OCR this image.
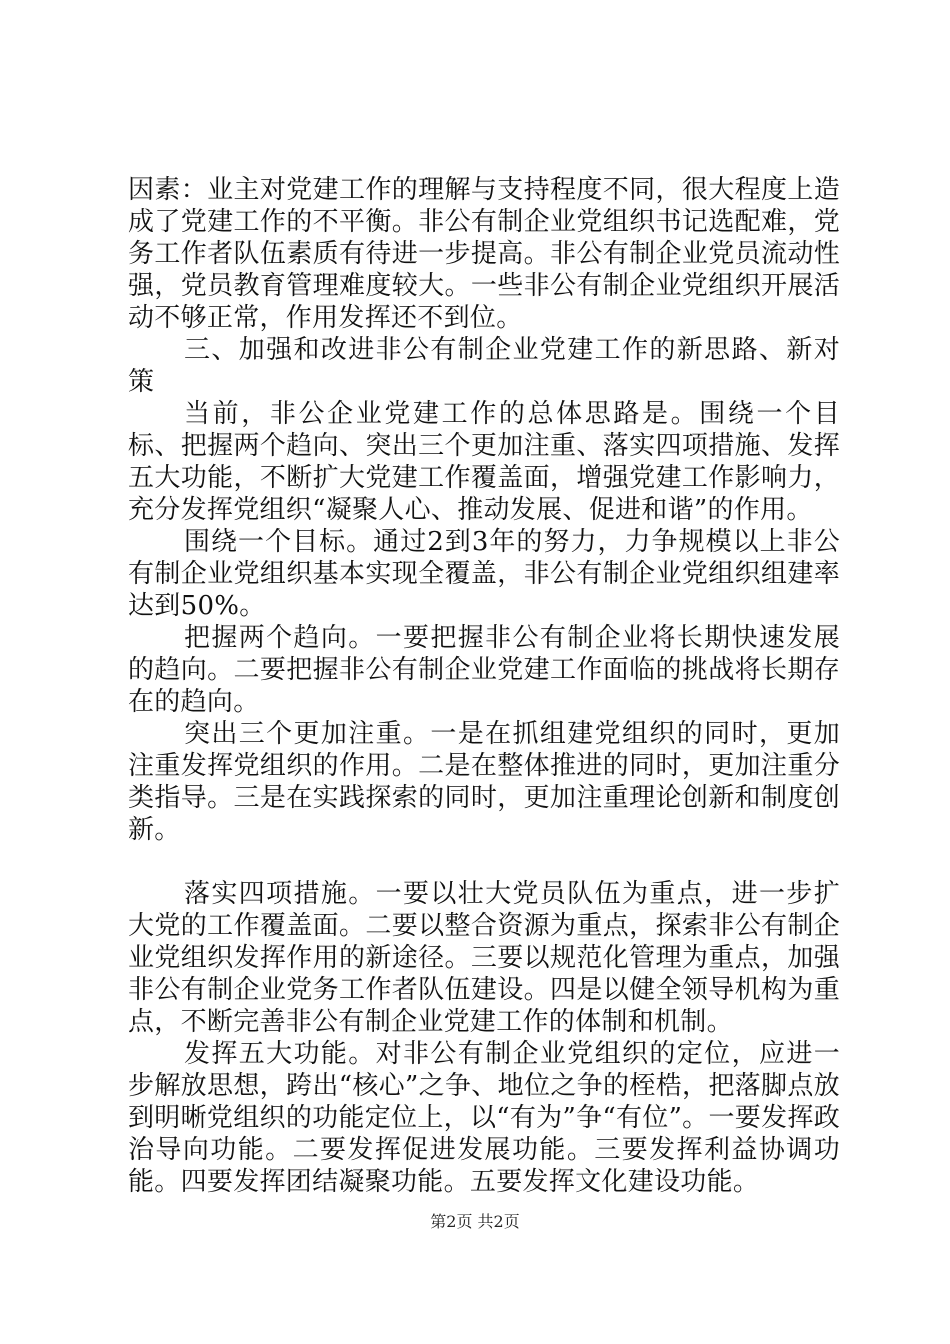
因素：业主对党建工作的理解与支持程度不同，很大程度上造成了党建工作的不平衡。非公有制企业党组织书记选配难，党务工作者队伍素质有待进一步提高。非公有制企业党员流动性强，党员教育管理难度较大。一些非公有制企业党组织开展活动不够正常，作用发挥还不到位。

三、加强和改进非公有制企业党建工作的新思路、新对策

当前，非公企业党建工作的总体思路是。围绕一个目标、把握两个趋向、突出三个更加注重、落实四项措施、发挥五大功能，不断扩大党建工作覆盖面，增强党建工作影响力，充分发挥党组织“凝聚人心、推动发展、促进和谐”的作用。

围绕一个目标。通过2到3年的努力，力争规模以上非公有制企业党组织基本实现全覆盖，非公有制企业党组织组建率达到50%。

把握两个趋向。一要把握非公有制企业将长期快速发展的趋向。二要把握非公有制企业党建工作面临的挑战将长期存在的趋向。

突出三个更加注重。一是在抓组建党组织的同时，更加注重发挥党组织的作用。二是在整体推进的同时，更加注重分类指导。三是在实践探索的同时，更加注重理论创新和制度创新。

落实四项措施。一要以壮大党员队伍为重点，进一步扩大党的工作覆盖面。二要以整合资源为重点，探索非公有制企业党组织发挥作用的新途径。三要以规范化管理为重点，加强非公有制企业党务工作者队伍建设。四是以健全领导机构为重点，不断完善非公有制企业党建工作的体制和机制。

发挥五大功能。对非公有制企业党组织的定位，应进一步解放思想，跨出“核心”之争、地位之争的桎梏，把落脚点放到明晰党组织的功能定位上，以“有为”争“有位”。一要发挥政治导向功能。二要发挥促进发展功能。三要发挥利益协调功能。四要发挥团结凝聚功能。五要发挥文化建设功能。

第2页 共2页
